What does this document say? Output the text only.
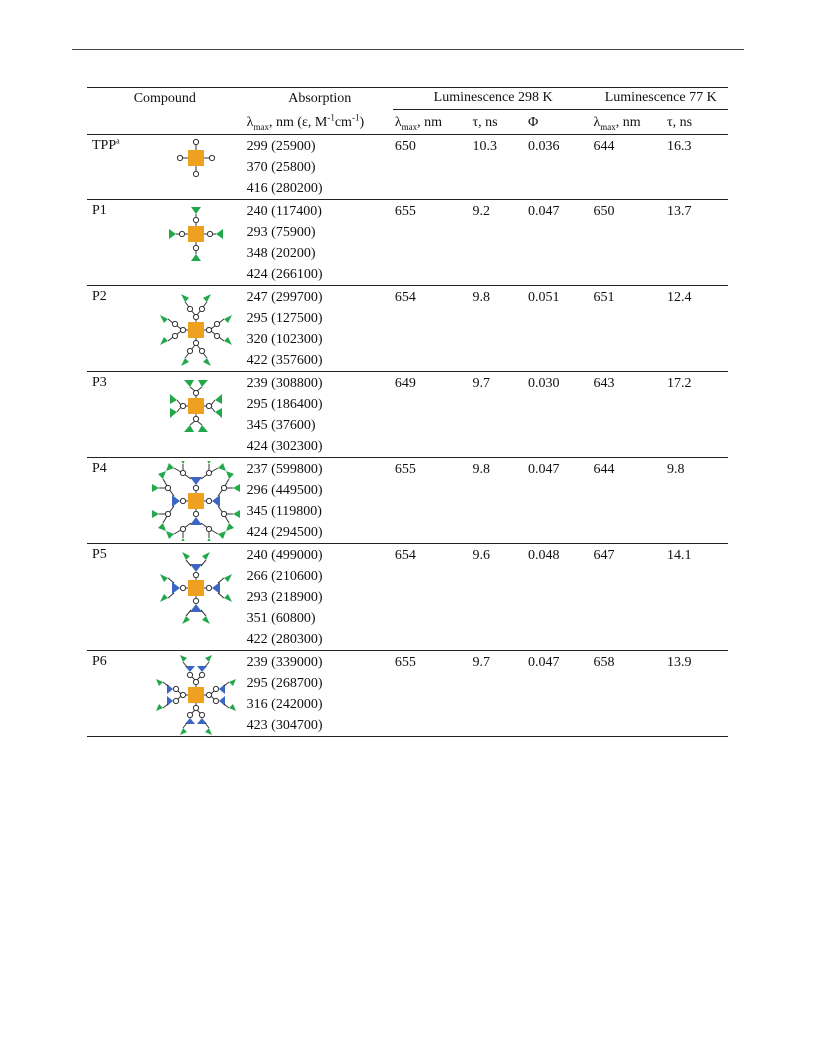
Compound		Absorption	Luminescence 298 K			Luminescence 77 K	
		$\lambda_{max}$, nm (ε, $M^{-1}cm^{-1}$)	$\lambda_{max}$, nm	τ, ns	Φ	$\lambda_{max}$, nm	τ, ns
TPP$^a$		299 (25900)
370 (25800)
416 (280200)	650	10.3	0.036	644	16.3
P1		240 (117400)
293 (75900)
348 (20200)
424 (266100)	655	9.2	0.047	650	13.7
P2		247 (299700)
295 (127500)
320 (102300)
422 (357600)	654	9.8	0.051	651	12.4
P3		239 (308800)
295 (186400)
345 (37600)
424 (302300)	649	9.7	0.030	643	17.2
P4		237 (599800)
296 (449500)
345 (119800)
424 (294500)	655	9.8	0.047	644	9.8
P5		240 (499000)
266 (210600)
293 (218900)
351 (60800)
422 (280300)	654	9.6	0.048	647	14.1
P6		239 (339000)
295 (268700)
316 (242000)
423 (304700)	655	9.7	0.047	658	13.9
